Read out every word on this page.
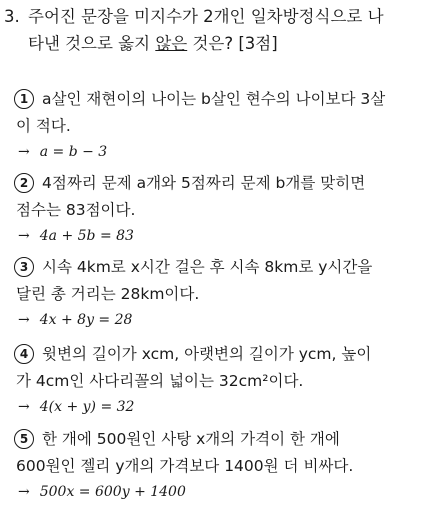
3. 주어진 문장을 미지수가 2개인 일차방정식으로 나
타낸 것으로 옳지 않은 것은? [3점]
1 a살인 재현이의 나이는 b살인 현수의 나이보다 3살
이 적다.
→ a = b − 3
2 4점짜리 문제 a개와 5점짜리 문제 b개를 맞히면
점수는 83점이다.
→ 4a + 5b = 83
3 시속 4km로 x시간 걸은 후 시속 8km로 y시간을
달린 총 거리는 28km이다.
→ 4x + 8y = 28
4 윗변의 길이가 xcm, 아랫변의 길이가 ycm, 높이
가 4cm인 사다리꼴의 넓이는 32cm²이다.
→ 4(x + y) = 32
5 한 개에 500원인 사탕 x개의 가격이 한 개에
600원인 젤리 y개의 가격보다 1400원 더 비싸다.
→ 500x = 600y + 1400
